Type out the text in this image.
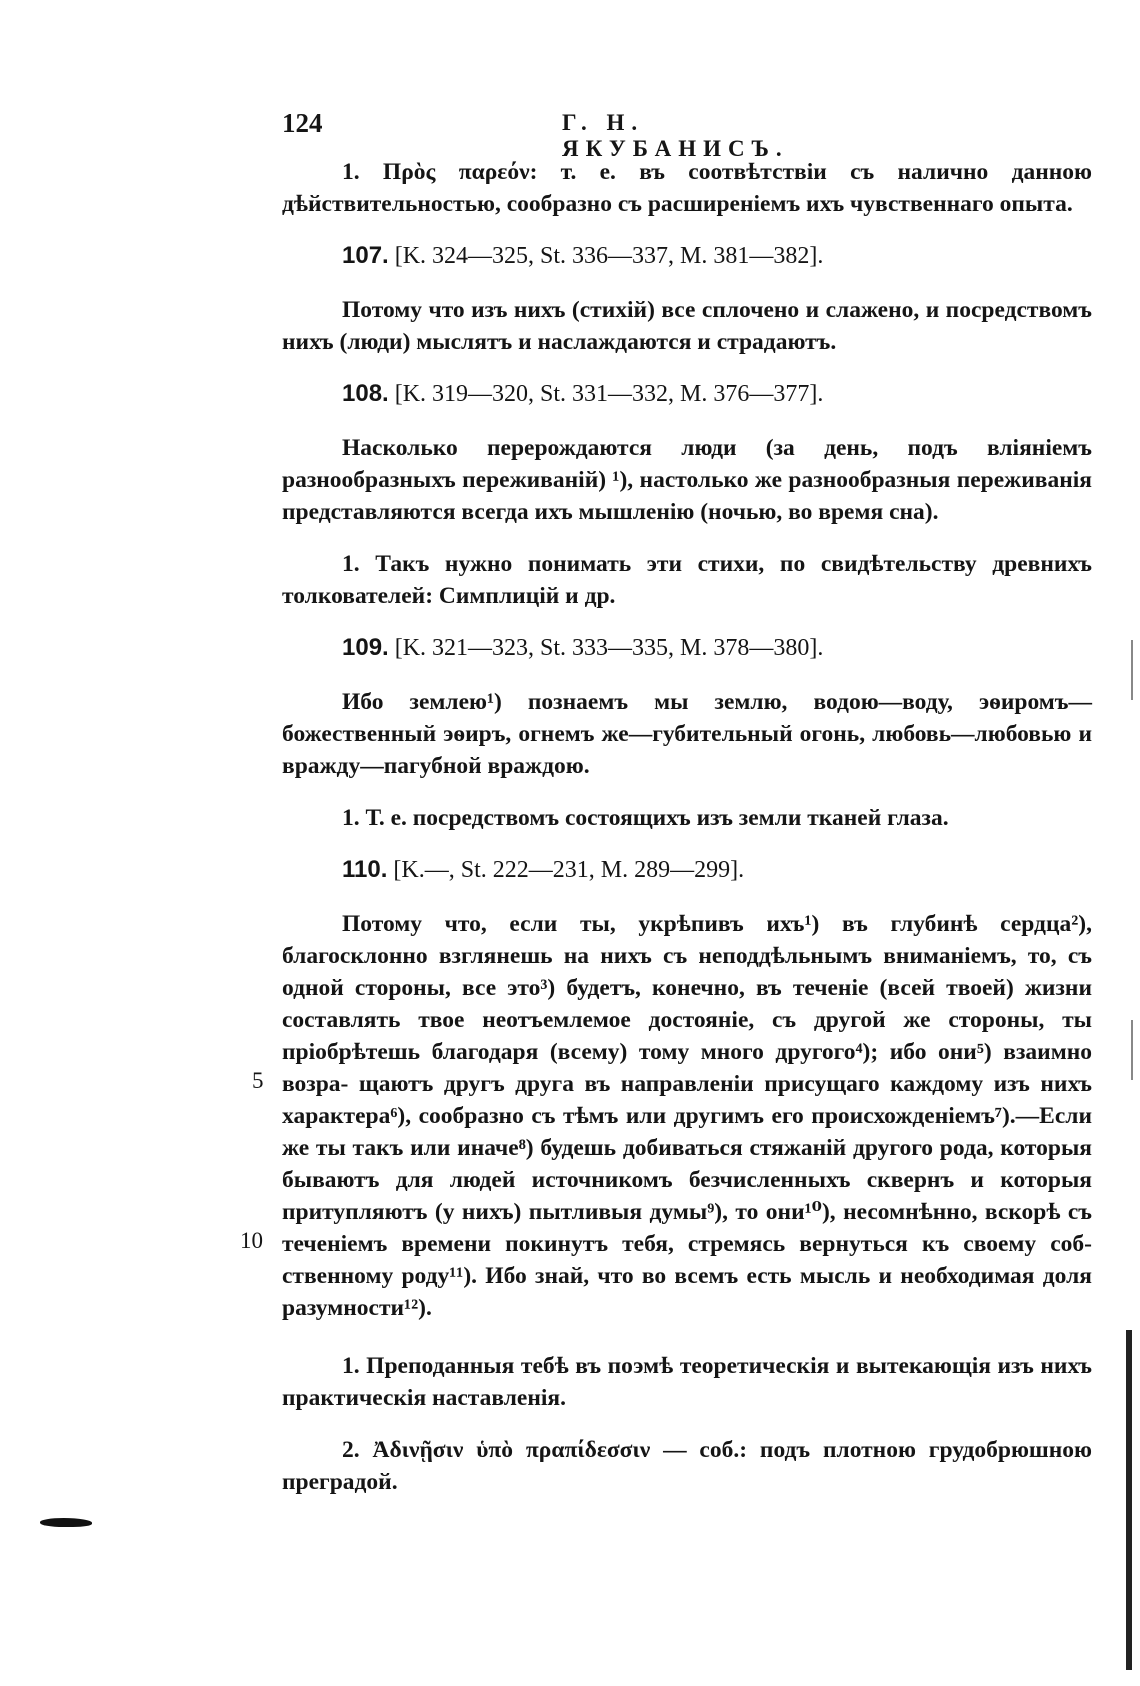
124	Г. Н. ЯКУБАНИСЪ.

1. Πρὸς παρεόν: т. е. въ соотвѣтствіи съ налично данною дѣйствительностью, сообразно съ расширеніемъ ихъ чувственнаго опыта.

107. [K. 324—325, St. 336—337, M. 381—382].

Потому что изъ нихъ (стихій) все сплочено и слажено, и посредствомъ нихъ (люди) мыслятъ и наслаждаются и страдаютъ.

108. [K. 319—320, St. 331—332, M. 376—377].

Насколько перерождаются люди (за день, подъ вліяніемъ разнообразныхъ переживаній) ¹), настолько же разнообразныя переживанія представляются всегда ихъ мышленію (ночью, во время сна).

1. Такъ нужно понимать эти стихи, по свидѣтельству древнихъ толкователей: Симплицій и др.

109. [K. 321—323, St. 333—335, M. 378—380].

Ибо землею¹) познаемъ мы землю, водою—воду, эѳиромъ—божественный эѳиръ, огнемъ же—губительный огонь, любовь—любовью и вражду—пагубной враждою.

1. Т. е. посредствомъ состоящихъ изъ земли тканей глаза.

110. [K.—, St. 222—231, M. 289—299].
5
10

Потому что, если ты, укрѣпивъ ихъ¹) въ глубинѣ сердца²), благосклонно взглянешь на нихъ съ неподдѣльнымъ вниманіемъ, то, съ одной стороны, все это³) будетъ, конечно, въ теченіе (всей твоей) жизни составлять твое неотъемлемое достояніе, съ другой же стороны, ты пріобрѣтешь благодаря (всему) тому много другого⁴); ибо они⁵) взаимно возра- щаютъ другъ друга въ направленіи присущаго каждому изъ нихъ характера⁶), сообразно съ тѣмъ или другимъ его происхожденіемъ⁷).—Если же ты такъ или иначе⁸) будешь добиваться стяжаній другого рода, которыя бываютъ для людей источникомъ безчисленныхъ сквернъ и которыя притупляютъ (у нихъ) пытливыя думы⁹), то они¹⁰), несомнѣнно, вскорѣ съ теченіемъ времени покинутъ тебя, стремясь вернуться къ своему соб- ственному роду¹¹). Ибо знай, что во всемъ есть мысль и необходимая доля разумности¹²).

1. Преподанныя тебѣ въ поэмѣ теоретическія и вытекающія изъ нихъ практическія наставленія.

2. Ἀδινῇσιν ὑπὸ πραπίδεσσιν — соб.: подъ плотною грудобрюшною преградой.
